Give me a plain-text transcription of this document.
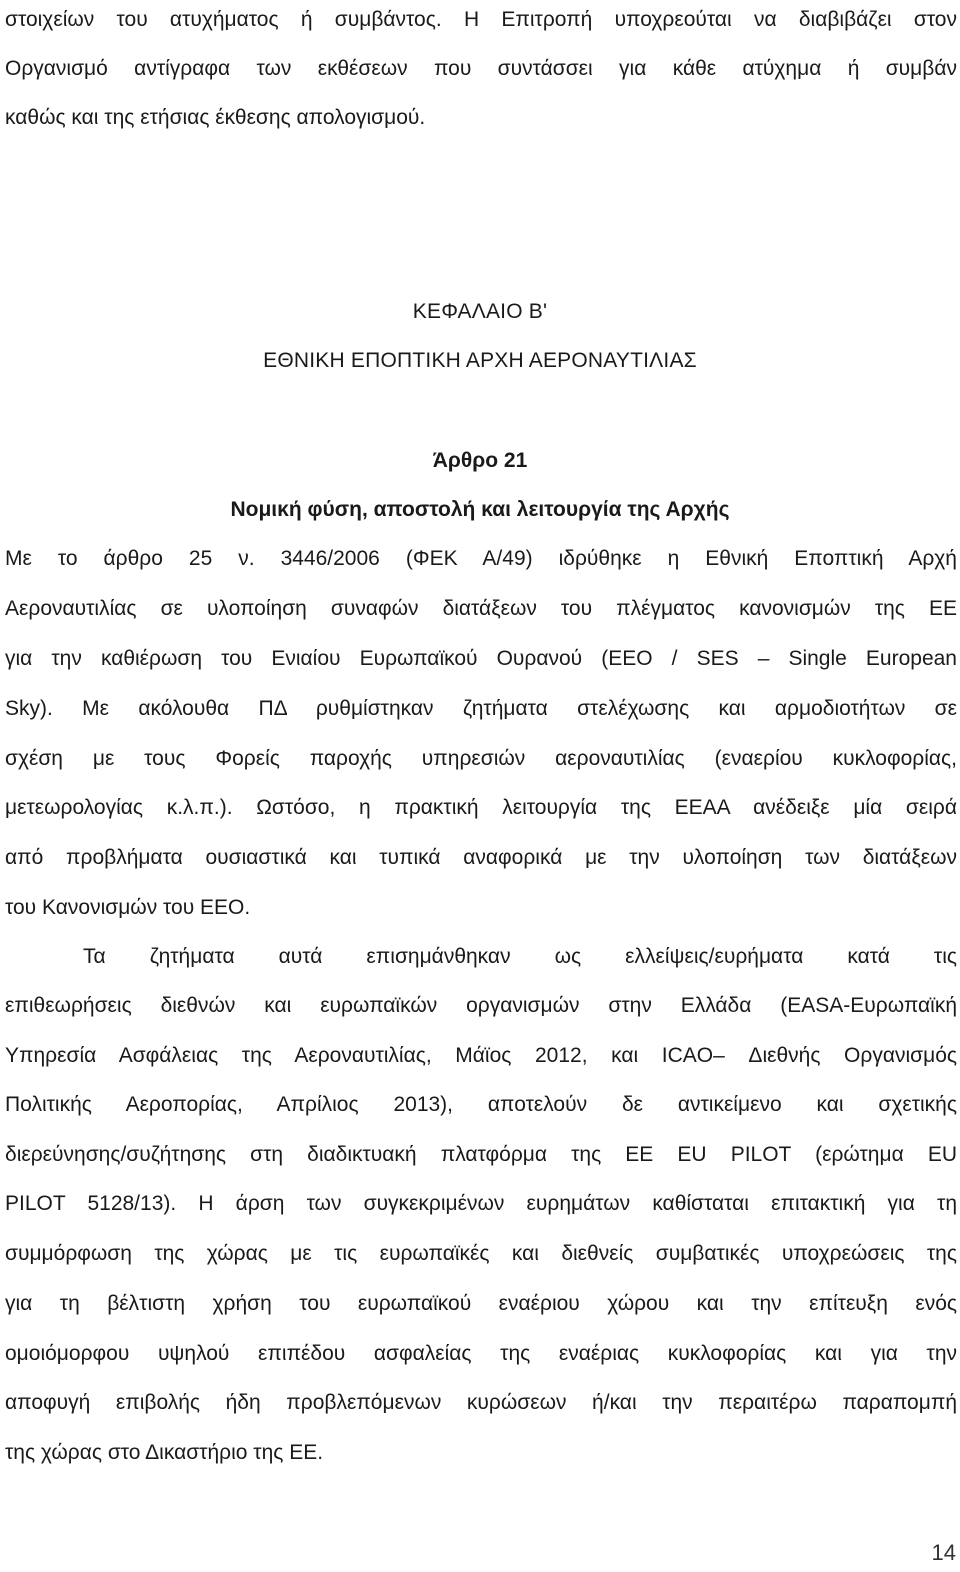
στοιχείων του ατυχήματος ή συμβάντος. Η Επιτροπή υποχρεούται να διαβιβάζει στον
Οργανισμό αντίγραφα των εκθέσεων που συντάσσει για κάθε ατύχημα ή συμβάν
καθώς και της ετήσιας έκθεσης απολογισμού.
ΚΕΦΑΛΑΙΟ Β'
ΕΘΝΙΚΗ ΕΠΟΠΤΙΚΗ ΑΡΧΗ ΑΕΡΟΝΑΥΤΙΛΙΑΣ
Άρθρο 21
Νομική φύση, αποστολή και λειτουργία της Αρχής
Με το άρθρο 25 ν. 3446/2006 (ΦΕΚ Α/49) ιδρύθηκε η Εθνική Εποπτική Αρχή
Αεροναυτιλίας σε υλοποίηση συναφών διατάξεων του πλέγματος κανονισμών της ΕΕ
για την καθιέρωση του Ενιαίου Ευρωπαϊκού Ουρανού (ΕΕΟ / SES – Single European
Sky). Με ακόλουθα ΠΔ ρυθμίστηκαν ζητήματα στελέχωσης και αρμοδιοτήτων σε
σχέση με τους Φορείς παροχής υπηρεσιών αεροναυτιλίας (εναερίου κυκλοφορίας,
μετεωρολογίας κ.λ.π.). Ωστόσο, η πρακτική λειτουργία της ΕΕΑΑ ανέδειξε μία σειρά
από προβλήματα ουσιαστικά και τυπικά αναφορικά με την υλοποίηση των διατάξεων
του Κανονισμών του ΕΕΟ.
Τα ζητήματα αυτά επισημάνθηκαν ως ελλείψεις/ευρήματα κατά τις
επιθεωρήσεις διεθνών και ευρωπαϊκών οργανισμών στην Ελλάδα (EASA-Ευρωπαϊκή
Υπηρεσία Ασφάλειας της Αεροναυτιλίας, Μάϊος 2012, και ICAO– Διεθνής Οργανισμός
Πολιτικής Αεροπορίας, Απρίλιος 2013), αποτελούν δε αντικείμενο και σχετικής
διερεύνησης/συζήτησης στη διαδικτυακή πλατφόρμα της ΕΕ EU PILOT (ερώτημα EU
PILOT 5128/13). Η άρση των συγκεκριμένων ευρημάτων καθίσταται επιτακτική για τη
συμμόρφωση της χώρας με τις ευρωπαϊκές και διεθνείς συμβατικές υποχρεώσεις της
για τη βέλτιστη χρήση του ευρωπαϊκού εναέριου χώρου και την επίτευξη ενός
ομοιόμορφου υψηλού επιπέδου ασφαλείας της εναέριας κυκλοφορίας και για την
αποφυγή επιβολής ήδη προβλεπόμενων κυρώσεων ή/και την περαιτέρω παραπομπή
της χώρας στο Δικαστήριο της ΕΕ.
14
